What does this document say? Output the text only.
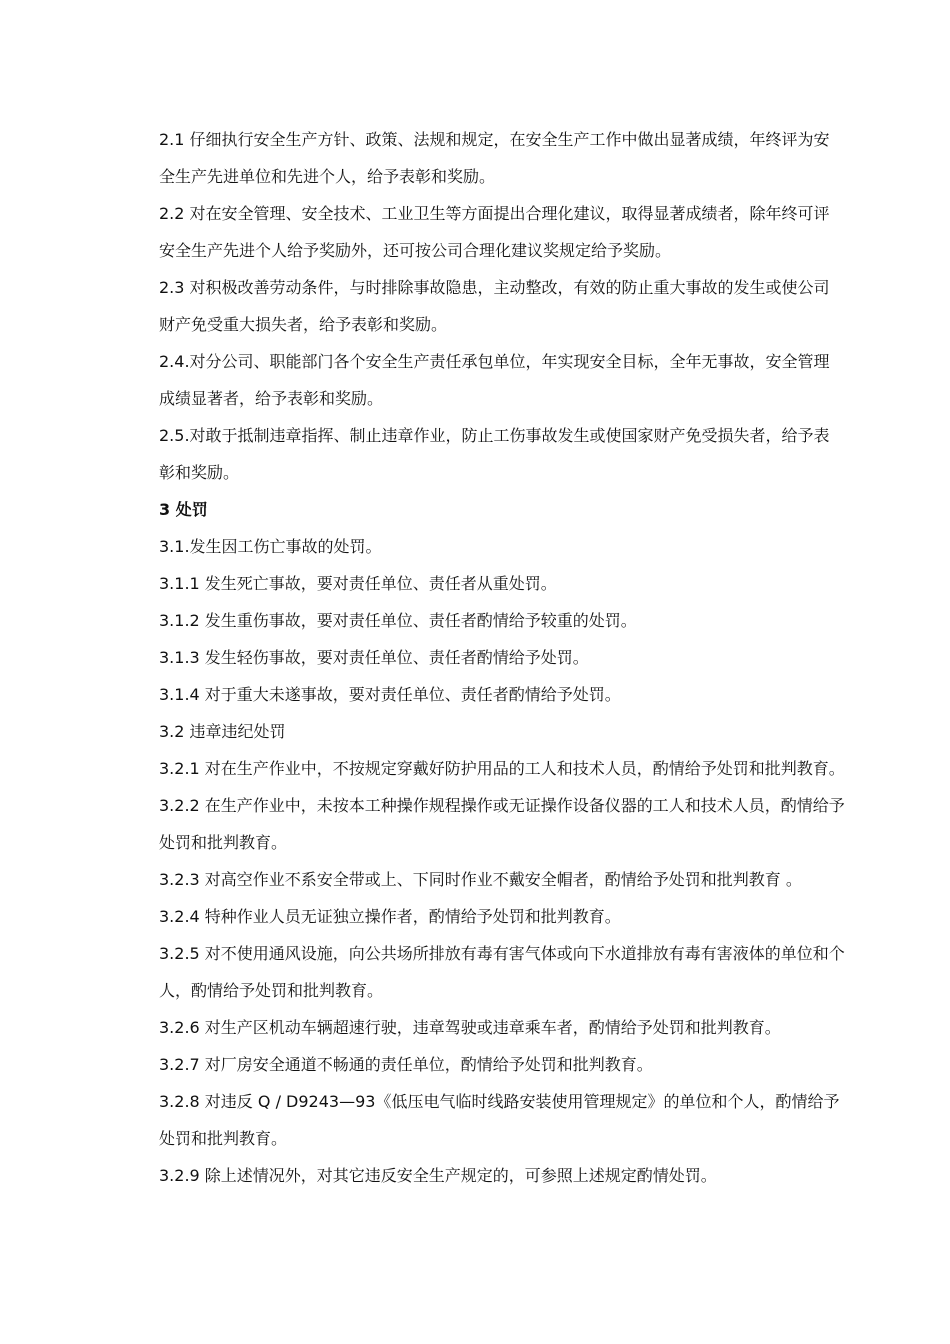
2.1 仔细执行安全生产方针、政策、法规和规定，在安全生产工作中做出显著成绩，年终评为安全生产先进单位和先进个人，给予表彰和奖励。

2.2 对在安全管理、安全技术、工业卫生等方面提出合理化建议，取得显著成绩者，除年终可评安全生产先进个人给予奖励外，还可按公司合理化建议奖规定给予奖励。

2.3 对积极改善劳动条件，与时排除事故隐患，主动整改，有效的防止重大事故的发生或使公司财产免受重大损失者，给予表彰和奖励。

2.4.对分公司、职能部门各个安全生产责任承包单位，年实现安全目标，全年无事故，安全管理成绩显著者，给予表彰和奖励。

2.5.对敢于抵制违章指挥、制止违章作业，防止工伤事故发生或使国家财产免受损失者，给予表彰和奖励。

3 处罚

3.1.发生因工伤亡事故的处罚。

3.1.1 发生死亡事故，要对责任单位、责任者从重处罚。

3.1.2 发生重伤事故，要对责任单位、责任者酌情给予较重的处罚。

3.1.3 发生轻伤事故，要对责任单位、责任者酌情给予处罚。

3.1.4 对于重大未遂事故，要对责任单位、责任者酌情给予处罚。

3.2 违章违纪处罚

3.2.1 对在生产作业中，不按规定穿戴好防护用品的工人和技术人员，酌情给予处罚和批判教育。

3.2.2 在生产作业中，未按本工种操作规程操作或无证操作设备仪器的工人和技术人员，酌情给予处罚和批判教育。

3.2.3 对高空作业不系安全带或上、下同时作业不戴安全帽者，酌情给予处罚和批判教育 。

3.2.4 特种作业人员无证独立操作者，酌情给予处罚和批判教育。

3.2.5 对不使用通风设施，向公共场所排放有毒有害气体或向下水道排放有毒有害液体的单位和个人，酌情给予处罚和批判教育。

3.2.6 对生产区机动车辆超速行驶，违章驾驶或违章乘车者，酌情给予处罚和批判教育。

3.2.7 对厂房安全通道不畅通的责任单位，酌情给予处罚和批判教育。

3.2.8 对违反 Q / D9243—93《低压电气临时线路安装使用管理规定》的单位和个人，酌情给予处罚和批判教育。

3.2.9 除上述情况外，对其它违反安全生产规定的，可参照上述规定酌情处罚。
